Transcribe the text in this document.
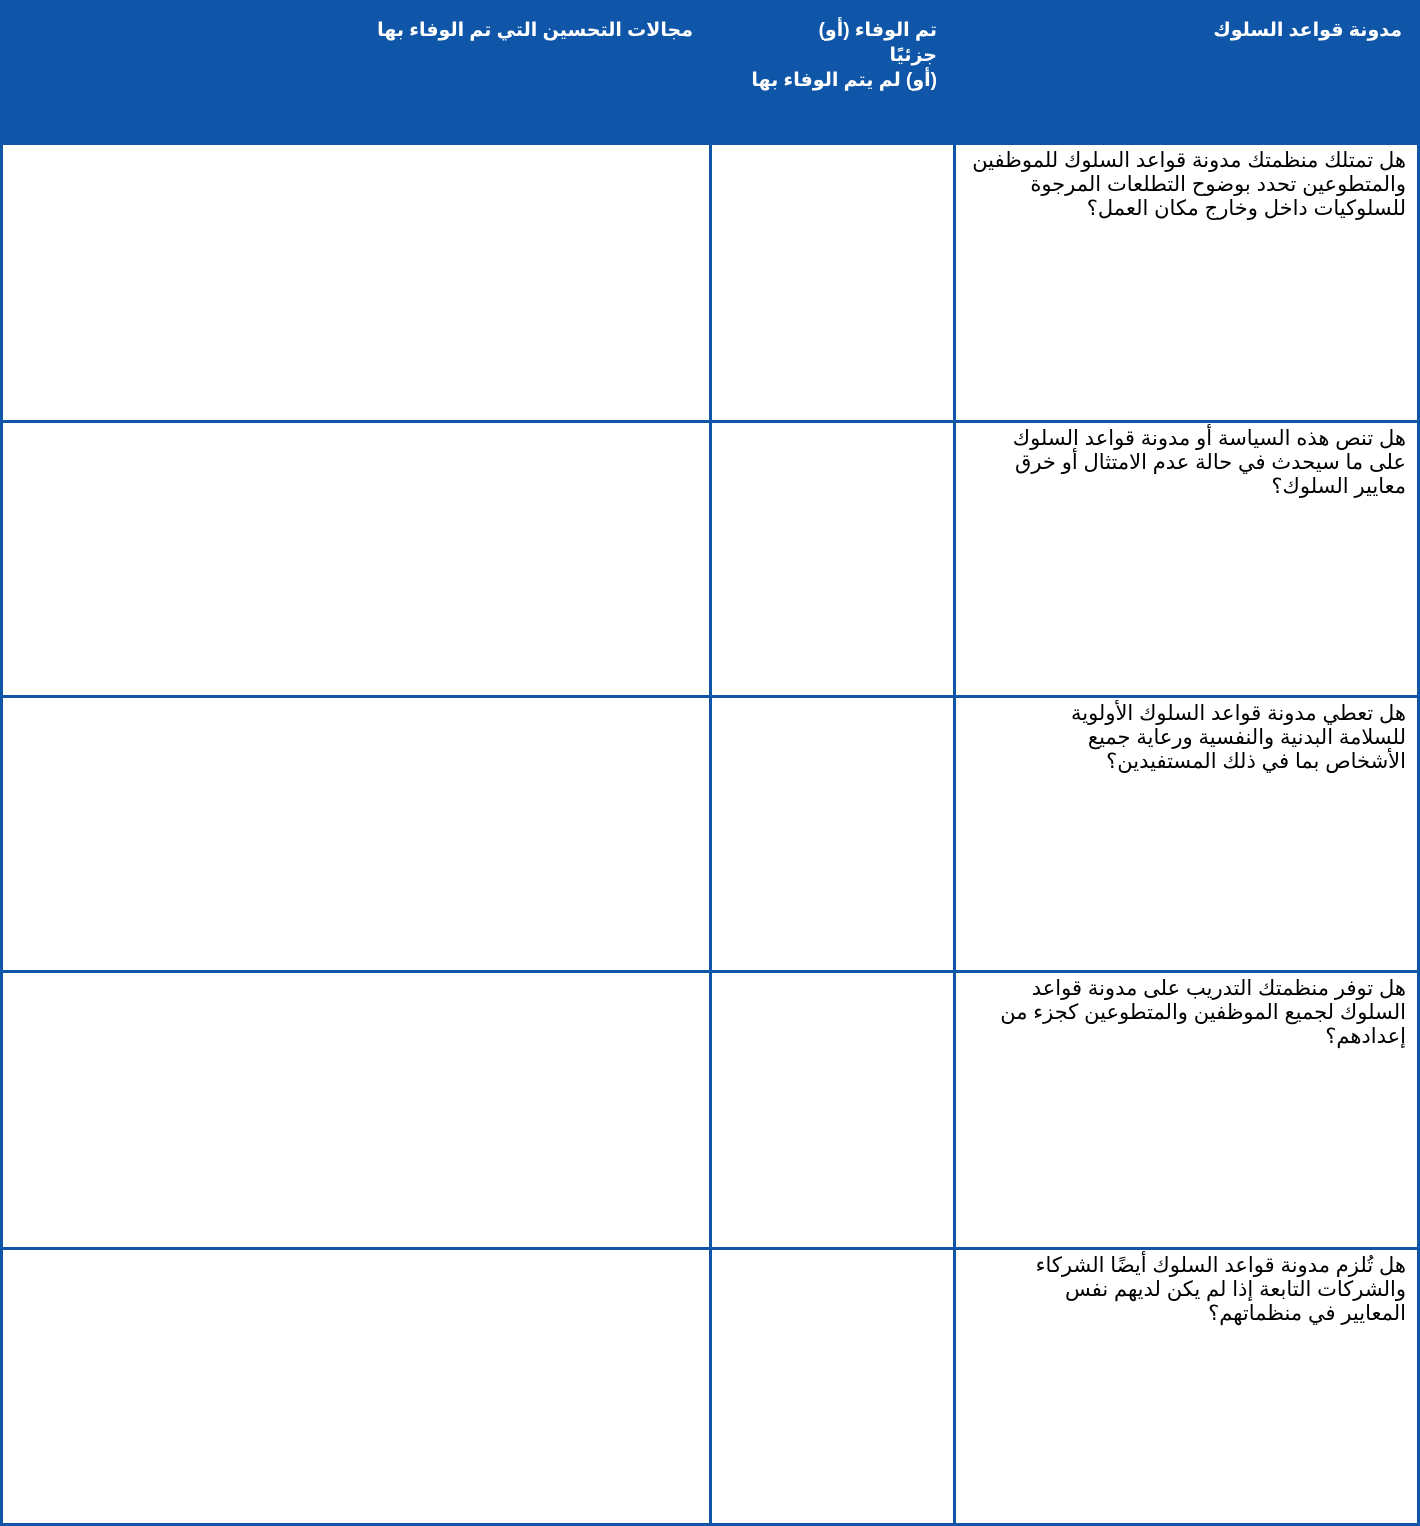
مدونة قواعد السلوك
تم الوفاء (أو)
جزئيًا
(أو) لم يتم الوفاء بها
مجالات التحسين التي تم الوفاء بها
هل تمتلك منظمتك مدونة قواعد السلوك للموظفين
والمتطوعين تحدد بوضوح التطلعات المرجوة
للسلوكيات داخل وخارج مكان العمل؟
هل تنص هذه السياسة أو مدونة قواعد السلوك
على ما سيحدث في حالة عدم الامتثال أو خرق
معايير السلوك؟
هل تعطي مدونة قواعد السلوك الأولوية
للسلامة البدنية والنفسية ورعاية جميع
الأشخاص بما في ذلك المستفيدين؟
هل توفر منظمتك التدريب على مدونة قواعد
السلوك لجميع الموظفين والمتطوعين كجزء من
إعدادهم؟
هل تُلزم مدونة قواعد السلوك أيضًا الشركاء
والشركات التابعة إذا لم يكن لديهم نفس
المعايير في منظماتهم؟
